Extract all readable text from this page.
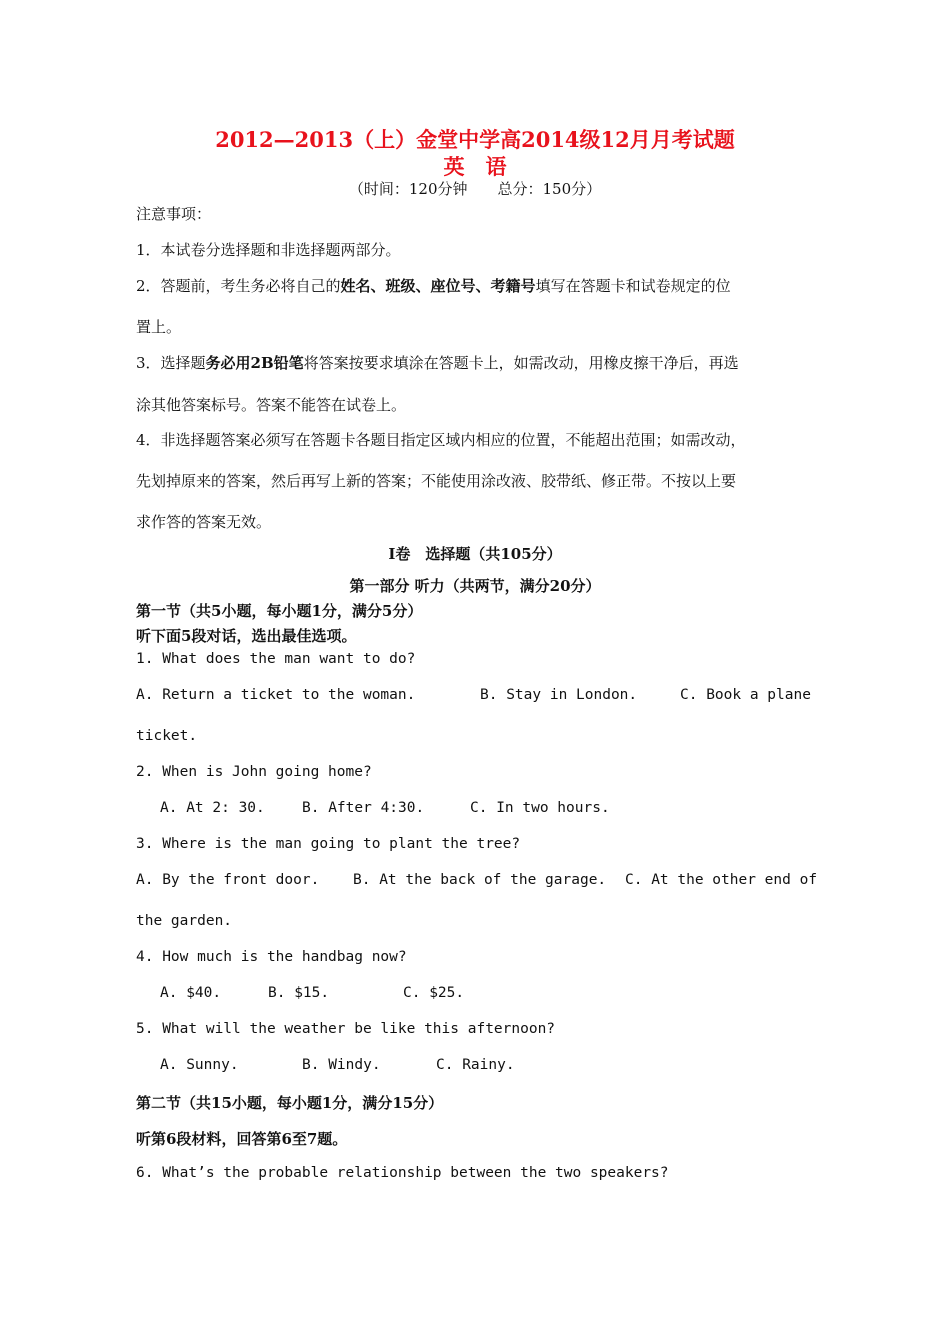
2012—2013（上）金堂中学高2014级12月月考试题
英　语
（时间：120分钟　　总分：150分）
注意事项：
1．本试卷分选择题和非选择题两部分。
2．答题前，考生务必将自己的姓名、班级、座位号、考籍号填写在答题卡和试卷规定的位
置上。
3．选择题务必用2B铅笔将答案按要求填涂在答题卡上，如需改动，用橡皮擦干净后，再选
涂其他答案标号。答案不能答在试卷上。
4．非选择题答案必须写在答题卡各题目指定区域内相应的位置，不能超出范围；如需改动，
先划掉原来的答案，然后再写上新的答案；不能使用涂改液、胶带纸、修正带。不按以上要
求作答的答案无效。
Ⅰ卷　选择题（共105分）
第一部分 听力（共两节，满分20分）
第一节（共5小题，每小题1分，满分5分）
听下面5段对话，选出最佳选项。
1. What does the man want to do?
A. Return a ticket to the woman.	B. Stay in London.	C. Book a plane
ticket.
2. When is John going home?
A. At 2: 30.	B. After 4:30.	C. In two hours.
3. Where is the man going to plant the tree?
A. By the front door. B. At the back of the garage. C. At the other end of
the garden.
4. How much is the handbag now?
A. $40.	B. $15.	C. $25.
5. What will the weather be like this afternoon?
A. Sunny.	B. Windy.	C. Rainy.
第二节（共15小题，每小题1分，满分15分）
听第6段材料，回答第6至7题。
6. What’s the probable relationship between the two speakers?
